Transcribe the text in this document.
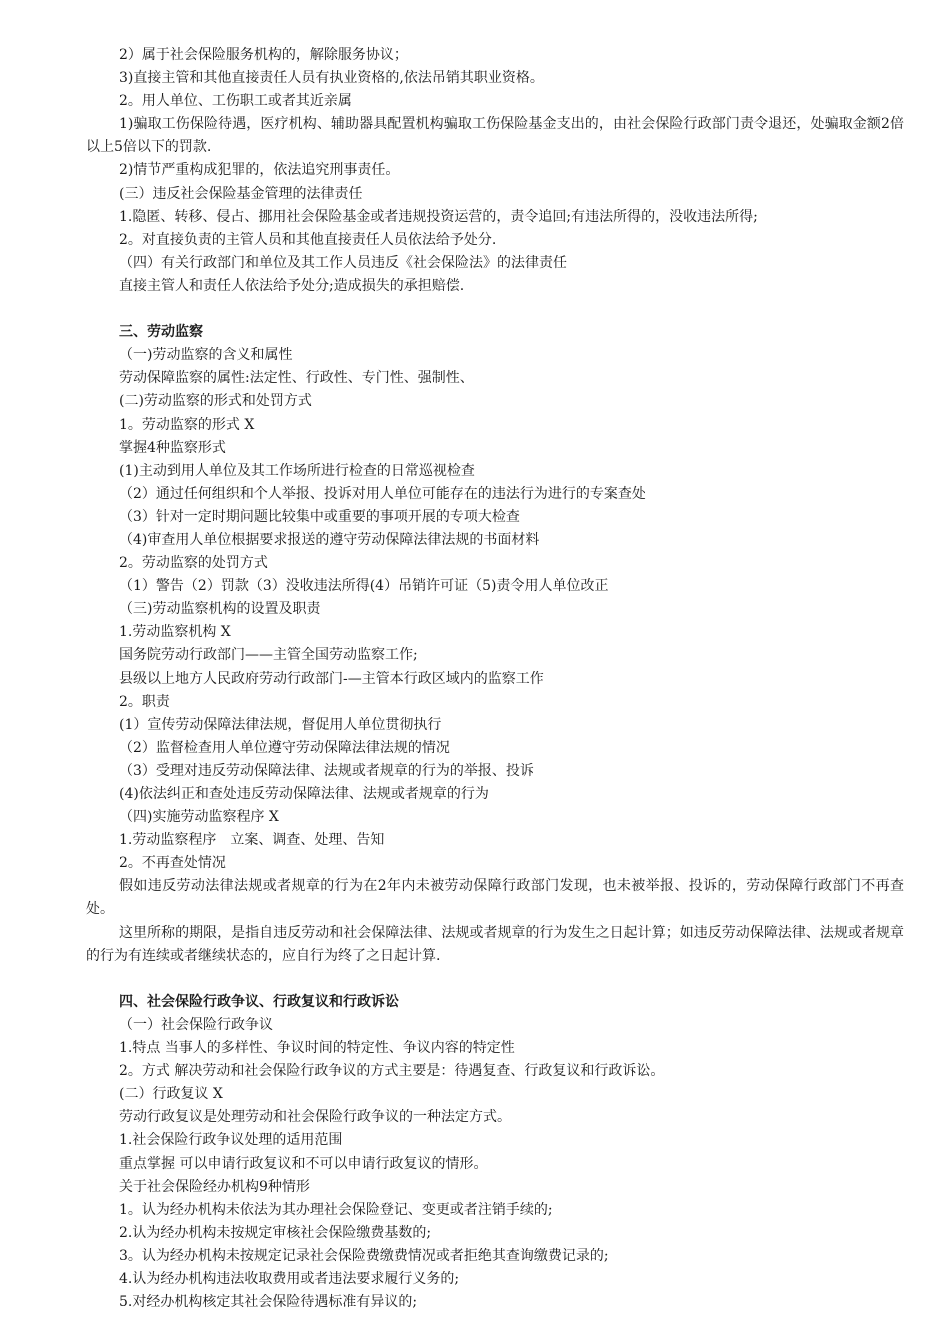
2）属于社会保险服务机构的，解除服务协议；
3)直接主管和其他直接责任人员有执业资格的,依法吊销其职业资格。
2。用人单位、工伤职工或者其近亲属
1)骗取工伤保险待遇，医疗机构、辅助器具配置机构骗取工伤保险基金支出的，由社会保险行政部门责令退还，处骗取金额2倍以上5倍以下的罚款.
2)情节严重构成犯罪的，依法追究刑事责任。
(三）违反社会保险基金管理的法律责任
1.隐匿、转移、侵占、挪用社会保险基金或者违规投资运营的，责令追回;有违法所得的，没收违法所得;
2。对直接负责的主管人员和其他直接责任人员依法给予处分.
（四）有关行政部门和单位及其工作人员违反《社会保险法》的法律责任
直接主管人和责任人依法给予处分;造成损失的承担赔偿.
三、劳动监察
（一)劳动监察的含义和属性
劳动保障监察的属性:法定性、行政性、专门性、强制性、
(二)劳动监察的形式和处罚方式
1。劳动监察的形式 X
掌握4种监察形式
(1)主动到用人单位及其工作场所进行检查的日常巡视检查
（2）通过任何组织和个人举报、投诉对用人单位可能存在的违法行为进行的专案查处
（3）针对一定时期问题比较集中或重要的事项开展的专项大检查
（4)审查用人单位根据要求报送的遵守劳动保障法律法规的书面材料
2。劳动监察的处罚方式
（1）警告（2）罚款（3）没收违法所得(4）吊销许可证（5)责令用人单位改正
（三)劳动监察机构的设置及职责
1.劳动监察机构 X
国务院劳动行政部门——主管全国劳动监察工作;
县级以上地方人民政府劳动行政部门-—主管本行政区域内的监察工作
2。职责
(1）宣传劳动保障法律法规，督促用人单位贯彻执行
（2）监督检查用人单位遵守劳动保障法律法规的情况
（3）受理对违反劳动保障法律、法规或者规章的行为的举报、投诉
(4)依法纠正和查处违反劳动保障法律、法规或者规章的行为
（四)实施劳动监察程序 X
1.劳动监察程序　立案、调查、处理、告知
2。不再查处情况
假如违反劳动法律法规或者规章的行为在2年内未被劳动保障行政部门发现，也未被举报、投诉的，劳动保障行政部门不再查处。
这里所称的期限，是指自违反劳动和社会保障法律、法规或者规章的行为发生之日起计算；如违反劳动保障法律、法规或者规章的行为有连续或者继续状态的，应自行为终了之日起计算.
四、社会保险行政争议、行政复议和行政诉讼
（一）社会保险行政争议
1.特点 当事人的多样性、争议时间的特定性、争议内容的特定性
2。方式 解决劳动和社会保险行政争议的方式主要是：待遇复查、行政复议和行政诉讼。
(二）行政复议 X
劳动行政复议是处理劳动和社会保险行政争议的一种法定方式。
1.社会保险行政争议处理的适用范围
重点掌握 可以申请行政复议和不可以申请行政复议的情形。
关于社会保险经办机构9种情形
1。认为经办机构未依法为其办理社会保险登记、变更或者注销手续的;
2.认为经办机构未按规定审核社会保险缴费基数的;
3。认为经办机构未按规定记录社会保险费缴费情况或者拒绝其查询缴费记录的;
4.认为经办机构违法收取费用或者违法要求履行义务的;
5.对经办机构核定其社会保险待遇标准有异议的;
